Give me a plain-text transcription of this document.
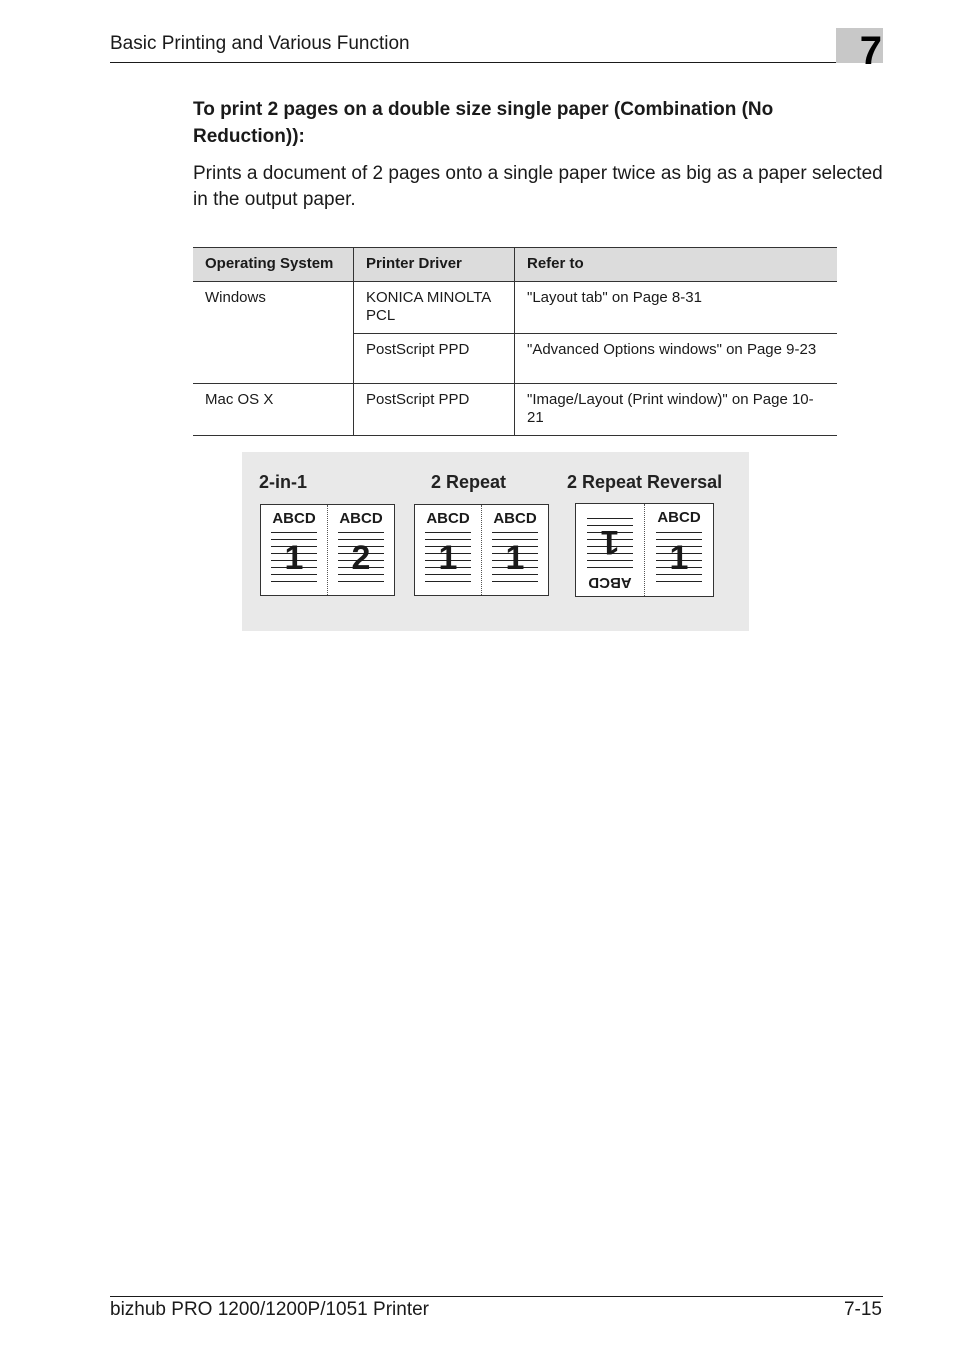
Basic Printing and Various Function	7
To print 2 pages on a double size single paper (Combination (No Reduction)):
Prints a document of 2 pages onto a single paper twice as big as a paper selected in the output paper.
Operating System	Printer Driver	Refer to
Windows	KONICA MINOLTA PCL	"Layout tab" on Page 8-31
	PostScript PPD	"Advanced Options windows" on Page 9-23
Mac OS X	PostScript PPD	"Image/Layout (Print window)" on Page 10-21
2-in-1	2 Repeat	2 Repeat Reversal
ABCD
1
ABCD
2
ABCD
1
ABCD
1
ABCD
1
ABCD
1
bizhub PRO 1200/1200P/1051 Printer	7-15
